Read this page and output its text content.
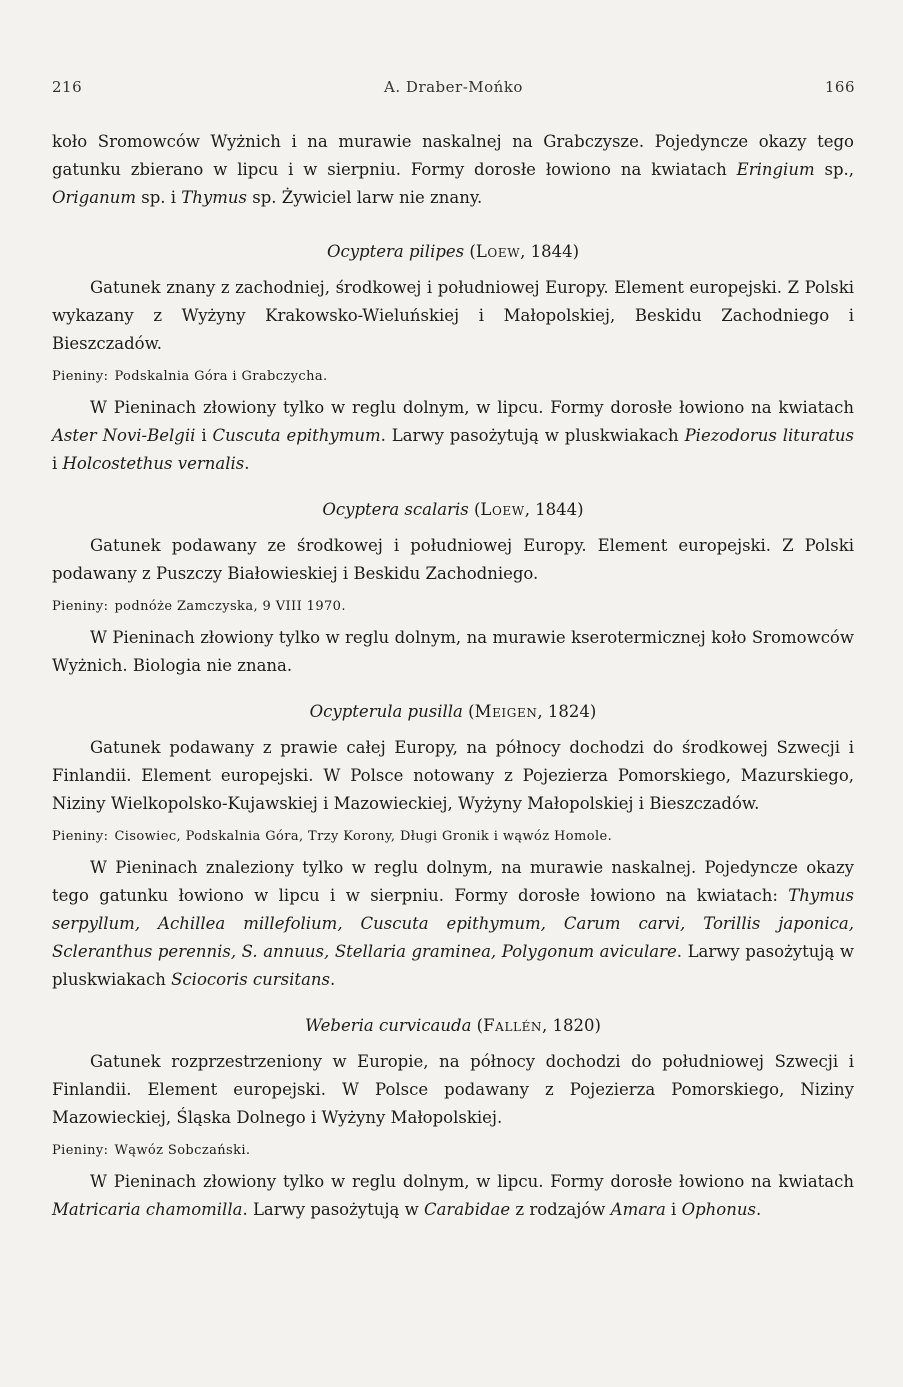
216	A. Draber-Mońko	166

koło Sromowców Wyżnich i na murawie naskalnej na Grabczysze. Pojedyncze okazy tego gatunku zbierano w lipcu i w sierpniu. Formy dorosłe łowiono na kwiatach Eringium sp., Origanum sp. i Thymus sp. Żywiciel larw nie znany.

Ocyptera pilipes (Loew, 1844)

Gatunek znany z zachodniej, środkowej i południowej Europy. Element europejski. Z Polski wykazany z Wyżyny Krakowsko-Wieluńskiej i Małopolskiej, Beskidu Zachodniego i Bieszczadów.

Pieniny: Podskalnia Góra i Grabczycha.

W Pieninach złowiony tylko w reglu dolnym, w lipcu. Formy dorosłe łowiono na kwiatach Aster Novi-Belgii i Cuscuta epithymum. Larwy pasożytują w pluskwiakach Piezodorus lituratus i Holcostethus vernalis.

Ocyptera scalaris (Loew, 1844)

Gatunek podawany ze środkowej i południowej Europy. Element europejski. Z Polski podawany z Puszczy Białowieskiej i Beskidu Zachodniego.

Pieniny: podnóże Zamczyska, 9 VIII 1970.

W Pieninach złowiony tylko w reglu dolnym, na murawie kserotermicznej koło Sromowców Wyżnich. Biologia nie znana.

Ocypterula pusilla (Meigen, 1824)

Gatunek podawany z prawie całej Europy, na północy dochodzi do środkowej Szwecji i Finlandii. Element europejski. W Polsce notowany z Pojezierza Pomorskiego, Mazurskiego, Niziny Wielkopolsko-Kujawskiej i Mazowieckiej, Wyżyny Małopolskiej i Bieszczadów.

Pieniny: Cisowiec, Podskalnia Góra, Trzy Korony, Długi Gronik i wąwóz Homole.

W Pieninach znaleziony tylko w reglu dolnym, na murawie naskalnej. Pojedyncze okazy tego gatunku łowiono w lipcu i w sierpniu. Formy dorosłe łowiono na kwiatach: Thymus serpyllum, Achillea millefolium, Cuscuta epithymum, Carum carvi, Torillis japonica, Scleranthus perennis, S. annuus, Stellaria graminea, Polygonum aviculare. Larwy pasożytują w pluskwiakach Sciocoris cursitans.

Weberia curvicauda (Fallén, 1820)

Gatunek rozprzestrzeniony w Europie, na północy dochodzi do południowej Szwecji i Finlandii. Element europejski. W Polsce podawany z Pojezierza Pomorskiego, Niziny Mazowieckiej, Śląska Dolnego i Wyżyny Małopolskiej.

Pieniny: Wąwóz Sobczański.

W Pieninach złowiony tylko w reglu dolnym, w lipcu. Formy dorosłe łowiono na kwiatach Matricaria chamomilla. Larwy pasożytują w Carabidae z rodzajów Amara i Ophonus.
